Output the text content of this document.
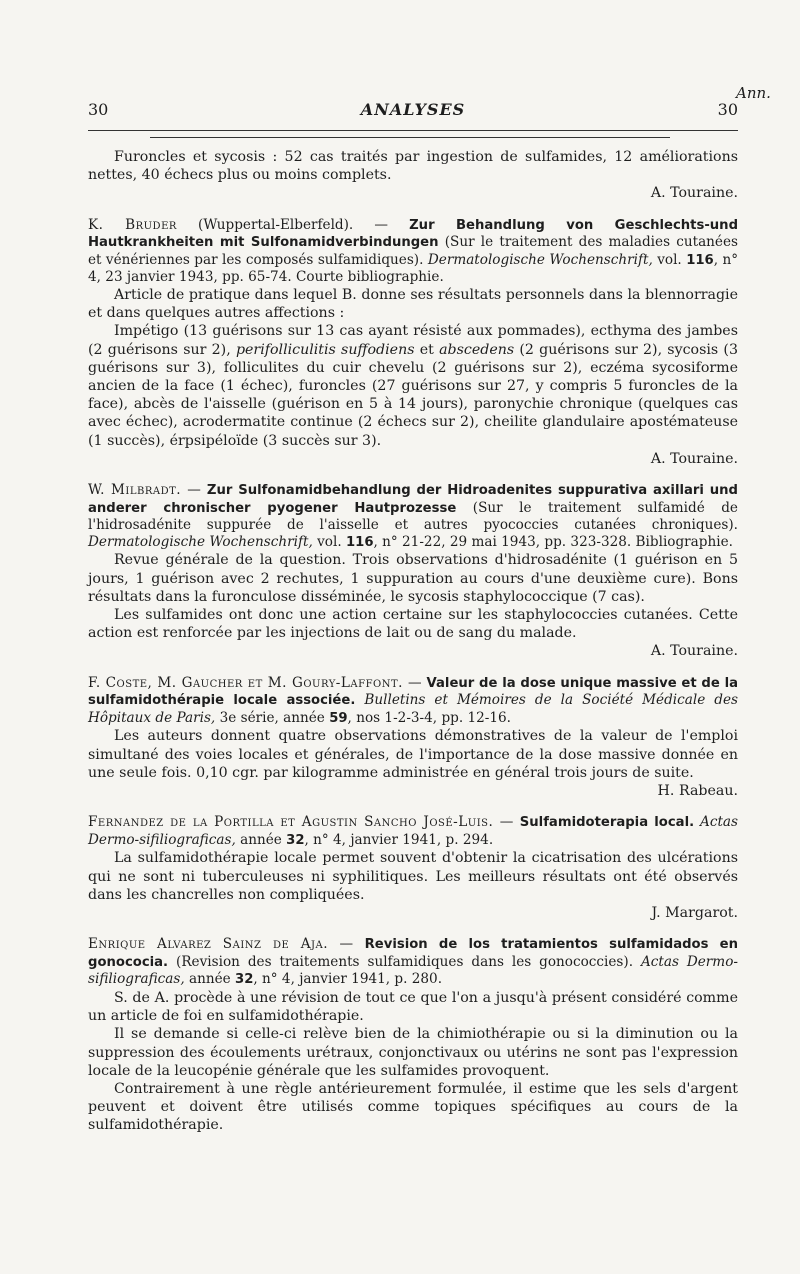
Ann.
30	ANALYSES	30

Furoncles et sycosis : 52 cas traités par ingestion de sulfamides, 12 améliorations nettes, 40 échecs plus ou moins complets.

A. Touraine.

K. Bruder (Wuppertal-Elberfeld). — Zur Behandlung von Geschlechts-und Hautkrankheiten mit Sulfonamidverbindungen (Sur le traitement des maladies cutanées et vénériennes par les composés sulfamidiques). Dermatologische Wochenschrift, vol. 116, n° 4, 23 janvier 1943, pp. 65-74. Courte bibliographie.

Article de pratique dans lequel B. donne ses résultats personnels dans la blennorragie et dans quelques autres affections :

Impétigo (13 guérisons sur 13 cas ayant résisté aux pommades), ecthyma des jambes (2 guérisons sur 2), perifolliculitis suffodiens et abscedens (2 guérisons sur 2), sycosis (3 guérisons sur 3), folliculites du cuir chevelu (2 guérisons sur 2), eczéma sycosiforme ancien de la face (1 échec), furoncles (27 guérisons sur 27, y compris 5 furoncles de la face), abcès de l'aisselle (guérison en 5 à 14 jours), paronychie chronique (quelques cas avec échec), acrodermatite continue (2 échecs sur 2), cheilite glandulaire apostémateuse (1 succès), érpsipéloïde (3 succès sur 3).

A. Touraine.

W. Milbradt. — Zur Sulfonamidbehandlung der Hidroadenites suppurativa axillari und anderer chronischer pyogener Hautprozesse (Sur le traitement sulfamidé de l'hidrosadénite suppurée de l'aisselle et autres pyococcies cutanées chroniques). Dermatologische Wochenschrift, vol. 116, n° 21-22, 29 mai 1943, pp. 323-328. Bibliographie.

Revue générale de la question. Trois observations d'hidrosadénite (1 guérison en 5 jours, 1 guérison avec 2 rechutes, 1 suppuration au cours d'une deuxième cure). Bons résultats dans la furonculose disséminée, le sycosis staphylococcique (7 cas).

Les sulfamides ont donc une action certaine sur les staphylococcies cutanées. Cette action est renforcée par les injections de lait ou de sang du malade.

A. Touraine.

F. Coste, M. Gaucher et M. Goury-Laffont. — Valeur de la dose unique massive et de la sulfamidothérapie locale associée. Bulletins et Mémoires de la Société Médicale des Hôpitaux de Paris, 3e série, année 59, nos 1-2-3-4, pp. 12-16.

Les auteurs donnent quatre observations démonstratives de la valeur de l'emploi simultané des voies locales et générales, de l'importance de la dose massive donnée en une seule fois. 0,10 cgr. par kilogramme administrée en général trois jours de suite.

H. Rabeau.

Fernandez de la Portilla et Agustin Sancho José-Luis. — Sulfamidoterapia local. Actas Dermo-sifiliograficas, année 32, n° 4, janvier 1941, p. 294.

La sulfamidothérapie locale permet souvent d'obtenir la cicatrisation des ulcérations qui ne sont ni tuberculeuses ni syphilitiques. Les meilleurs résultats ont été observés dans les chancrelles non compliquées.

J. Margarot.

Enrique Alvarez Sainz de Aja. — Revision de los tratamientos sulfamidados en gonococia. (Revision des traitements sulfamidiques dans les gonococcies). Actas Dermo-sifiliograficas, année 32, n° 4, janvier 1941, p. 280.

S. de A. procède à une révision de tout ce que l'on a jusqu'à présent considéré comme un article de foi en sulfamidothérapie.

Il se demande si celle-ci relève bien de la chimiothérapie ou si la diminution ou la suppression des écoulements urétraux, conjonctivaux ou utérins ne sont pas l'expression locale de la leucopénie générale que les sulfamides provoquent.

Contrairement à une règle antérieurement formulée, il estime que les sels d'argent peuvent et doivent être utilisés comme topiques spécifiques au cours de la sulfamidothérapie.
